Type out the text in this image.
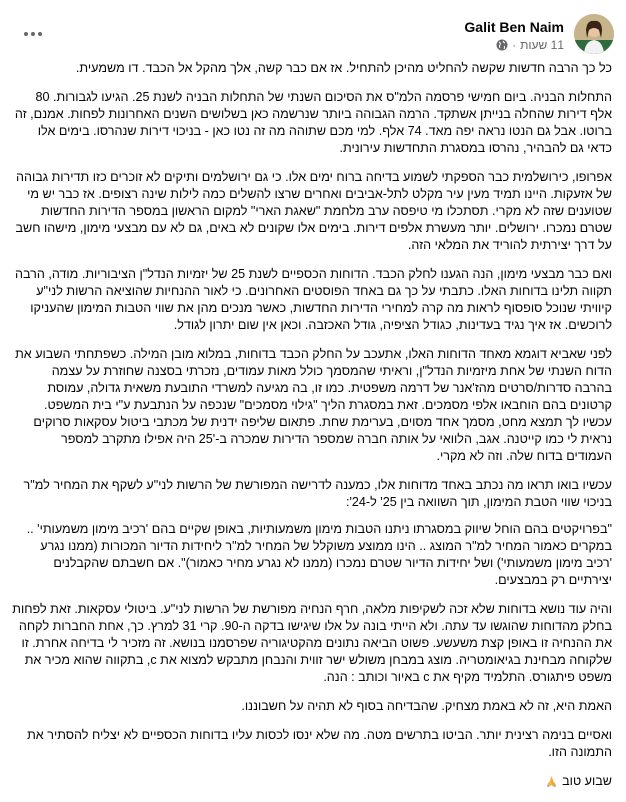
Galit Ben Naim
11 שעות
·

כל כך הרבה חדשות שקשה להחליט מהיכן להתחיל. אז אם כבר קשה, אלך מהקל אל הכבד. דו משמעית.

התחלות הבניה. ביום חמישי פרסמה הלמ"ס את הסיכום השנתי של התחלות הבניה לשנת 25. הגיעו לגבורות. 80 אלף דירות שהחלה בנייתן אשתקד. הרמה הגבוהה ביותר שנרשמה כאן בשלושים השנים האחרונות לפחות. אמנם, זה ברוטו. אבל גם הנטו נראה יפה מאד. 74 אלף. למי מכם שתוהה מה זה נטו כאן - בניכוי דירות שנהרסו. בימים אלו כדאי גם להבהיר, נהרסו במסגרת התחדשות עירונית.

אפרופו, כירושלמית כבר הספקתי לשמוע בדיחה ברוח ימים אלו. כי גם ירושלמים ותיקים לא זוכרים כזו תדירות גבוהה של אזעקות. היינו תמיד מעין עיר מקלט לתל-אביבים ואחרים שרצו להשלים כמה לילות שינה רצופים. אז כבר יש מי שטוענים שזה לא מקרי. תסתכלו מי טיפסה ערב מלחמת "שאגת הארי" למקום הראשון במספר הדירות החדשות שטרם נמכרו. ירושלים. יותר מעשרת אלפים דירות. בימים אלו שקונים לא באים, גם לא עם מבצעי מימון, מישהו חשב על דרך יצירתית להוריד את המלאי הזה.

ואם כבר מבצעי מימון, הנה הגענו לחלק הכבד. הדוחות הכספיים לשנת 25 של יזמיות הנדל"ן הציבוריות. מודה, הרבה תקווה תלינו בדוחות האלו. כתבתי על כך גם באחד הפוסטים האחרונים. כי לאור ההנחיות שהוציאה הרשות לני"ע קיוויתי שנוכל סופסוף לראות מה קרה למחירי הדירות החדשות, כאשר מנכים מהן את שווי הטבות המימון שהעניקו לרוכשים. אז איך נגיד בעדינות, כגודל הציפיה, גודל האכזבה. וכאן אין שום יתרון לגודל.

לפני שאביא דוגמא מאחד הדוחות האלו, אתעכב על החלק הכבד בדוחות, במלוא מובן המילה. כשפתחתי השבוע את הדוח השנתי של אחת מיזמיות הנדל"ן, וראיתי שהמסמך כולל מאות עמודים, נזכרתי בסצנה שחוזרת על עצמה בהרבה סדרות/סרטים מהז'אנר של דרמה משפטית. כמו זו, בה מגיעה למשרדי התובעת משאית גדולה, עמוסת קרטונים בהם הוחבאו אלפי מסמכים. זאת במסגרת הליך "גילוי מסמכים" שנכפה על הנתבעת ע"י בית המשפט. עכשיו לך תמצא מחט, מסמך אחד מסוים, בערימת שחת. פתאום שליפה ידנית של מכתבי ביטול עסקאות סרוקים נראית לי כמו קייטנה. אגב, הלוואי על אותה חברה שמספר הדירות שמכרה ב-'25 היה אפילו מתקרב למספר העמודים בדוח שלה. וזה לא מקרי.

עכשיו בואו תראו מה נכתב באחד מדוחות אלו, כמענה לדרישה המפורשת של הרשות לני"ע לשקף את המחיר למ"ר בניכוי שווי הטבת המימון, תוך השוואה בין 25' ל-24':

"בפרויקטים בהם הוחל שיווק במסגרתו ניתנו הטבות מימון משמעותיות, באופן שקיים בהם 'רכיב מימון משמעותי' .. במקרים כאמור המחיר למ"ר המוצג .. הינו ממוצע משוקלל של המחיר למ"ר ליחידות הדיור המכורות (ממנו נגרע 'רכיב מימון משמעותי') ושל יחידות הדיור שטרם נמכרו (ממנו לא נגרע מחיר כאמור)". אם חשבתם שהקבלנים יצירתיים רק במבצעים.

והיה עוד נושא בדוחות שלא זכה לשקיפות מלאה, חרף הנחיה מפורשת של הרשות לני"ע. ביטולי עסקאות. זאת לפחות בחלק מהדוחות שהוגשו עד עתה. ולא הייתי בונה על אלו שיגישו בדקה ה-90. קרי 31 למרץ. כך, אחת החברות לקחה את ההנחיה זו באופן קצת משעשע. פשוט הביאה נתונים מהקטיגוריה שפרסמנו בנושא. זה מזכיר לי בדיחה אחרת. זו שלקוחה מבחינת בגיאומטריה. מוצג במבחן משולש ישר זווית והנבחן מתבקש למצוא את c, בתקווה שהוא מכיר את משפט פיתגורס. התלמיד מקיף את c באיור וכותב : הנה.

האמת היא, זה לא באמת מצחיק. שהבדיחה בסוף לא תהיה על חשבוננו.

ואסיים בנימה רצינית יותר. הביטו בתרשים מטה. מה שלא ינסו לכסות עליו בדוחות הכספיים לא יצליח להסתיר את התמונה הזו.

שבוע טוב
